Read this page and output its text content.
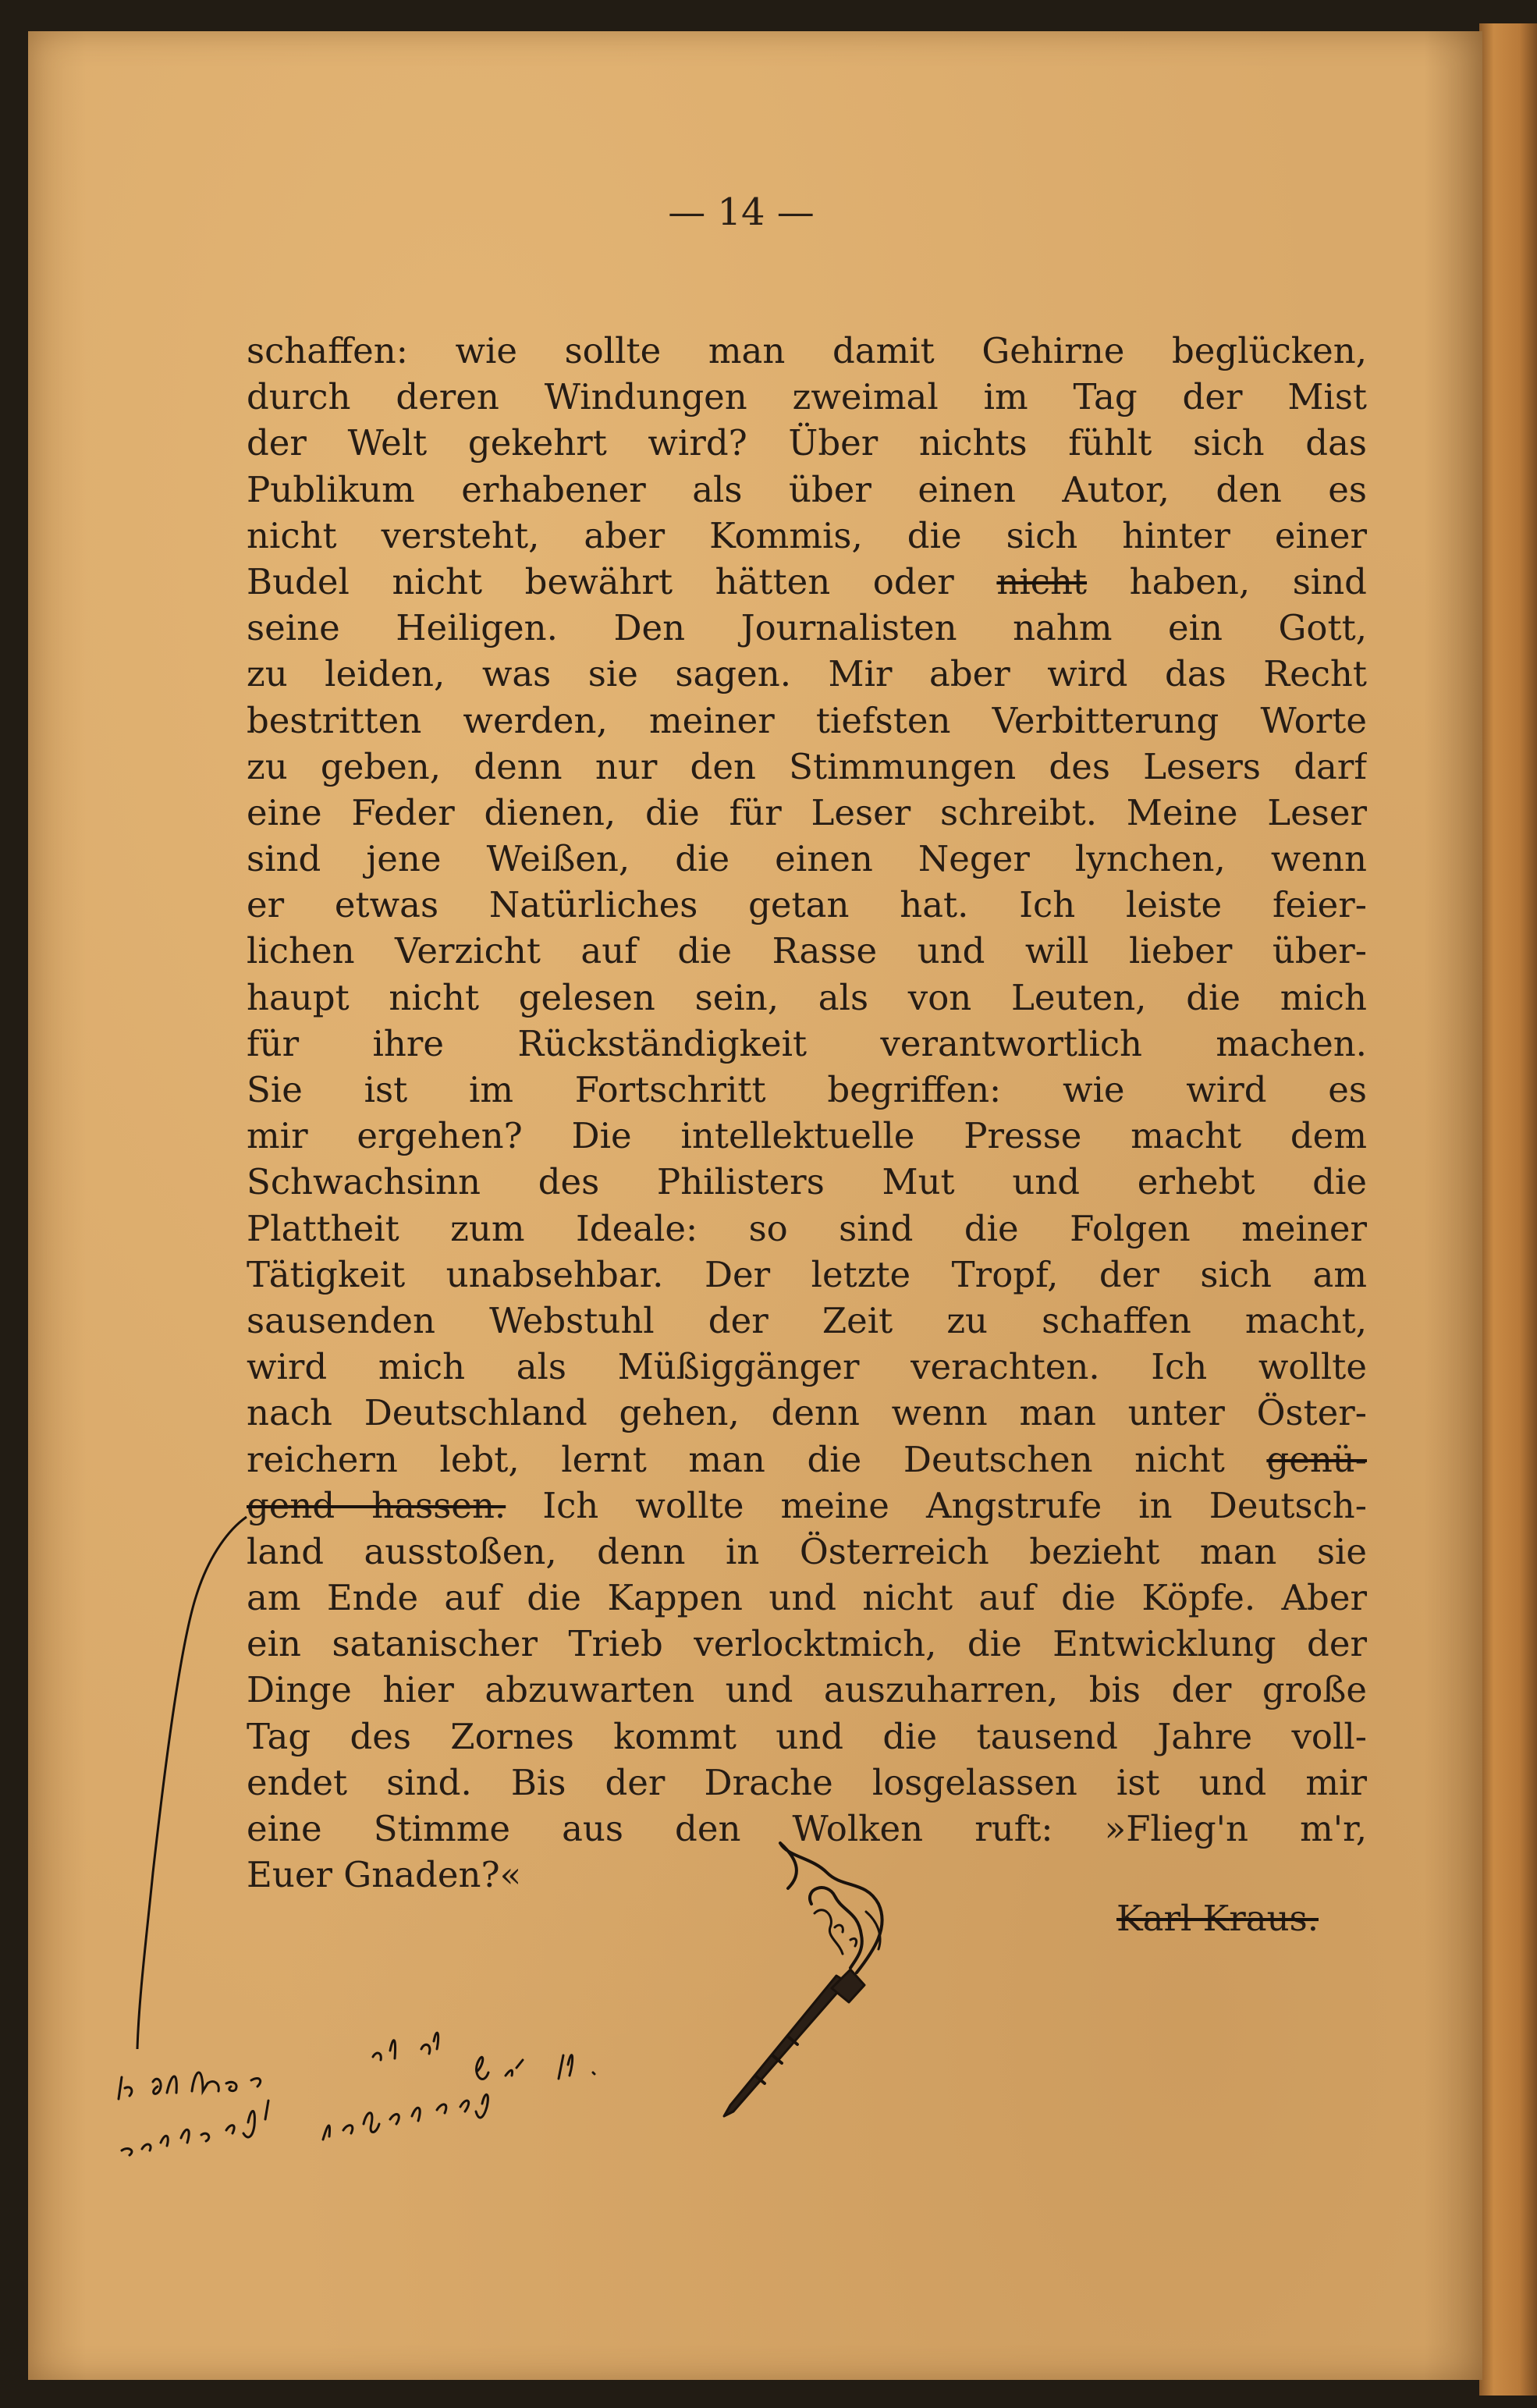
— 14 —

schaffen: wie sollte man damit Gehirne beglücken,
durch deren Windungen zweimal im Tag der Mist
der Welt gekehrt wird? Über nichts fühlt sich das
Publikum erhabener als über einen Autor, den es
nicht versteht, aber Kommis, die sich hinter einer
Budel nicht bewährt hätten oder nicht haben, sind
seine Heiligen. Den Journalisten nahm ein Gott,
zu leiden, was sie sagen. Mir aber wird das Recht
bestritten werden, meiner tiefsten Verbitterung Worte
zu geben, denn nur den Stimmungen des Lesers darf
eine Feder dienen, die für Leser schreibt. Meine Leser
sind jene Weißen, die einen Neger lynchen, wenn
er etwas Natürliches getan hat. Ich leiste feier-
lichen Verzicht auf die Rasse und will lieber über-
haupt nicht gelesen sein, als von Leuten, die mich
für ihre Rückständigkeit verantwortlich machen.
Sie ist im Fortschritt begriffen: wie wird es
mir ergehen? Die intellektuelle Presse macht dem
Schwachsinn des Philisters Mut und erhebt die
Plattheit zum Ideale: so sind die Folgen meiner
Tätigkeit unabsehbar. Der letzte Tropf, der sich am
sausenden Webstuhl der Zeit zu schaffen macht,
wird mich als Müßiggänger verachten. Ich wollte
nach Deutschland gehen, denn wenn man unter Öster-
reichern lebt, lernt man die Deutschen nicht genü-
gend hassen. Ich wollte meine Angstrufe in Deutsch-
land ausstoßen, denn in Österreich bezieht man sie
am Ende auf die Kappen und nicht auf die Köpfe. Aber
ein satanischer Trieb verlocktmich, die Entwicklung der
Dinge hier abzuwarten und auszuharren, bis der große
Tag des Zornes kommt und die tausend Jahre voll-
endet sind. Bis der Drache losgelassen ist und mir
eine Stimme aus den Wolken ruft: »Flieg'n m'r,
Euer Gnaden?«

Karl Kraus.
